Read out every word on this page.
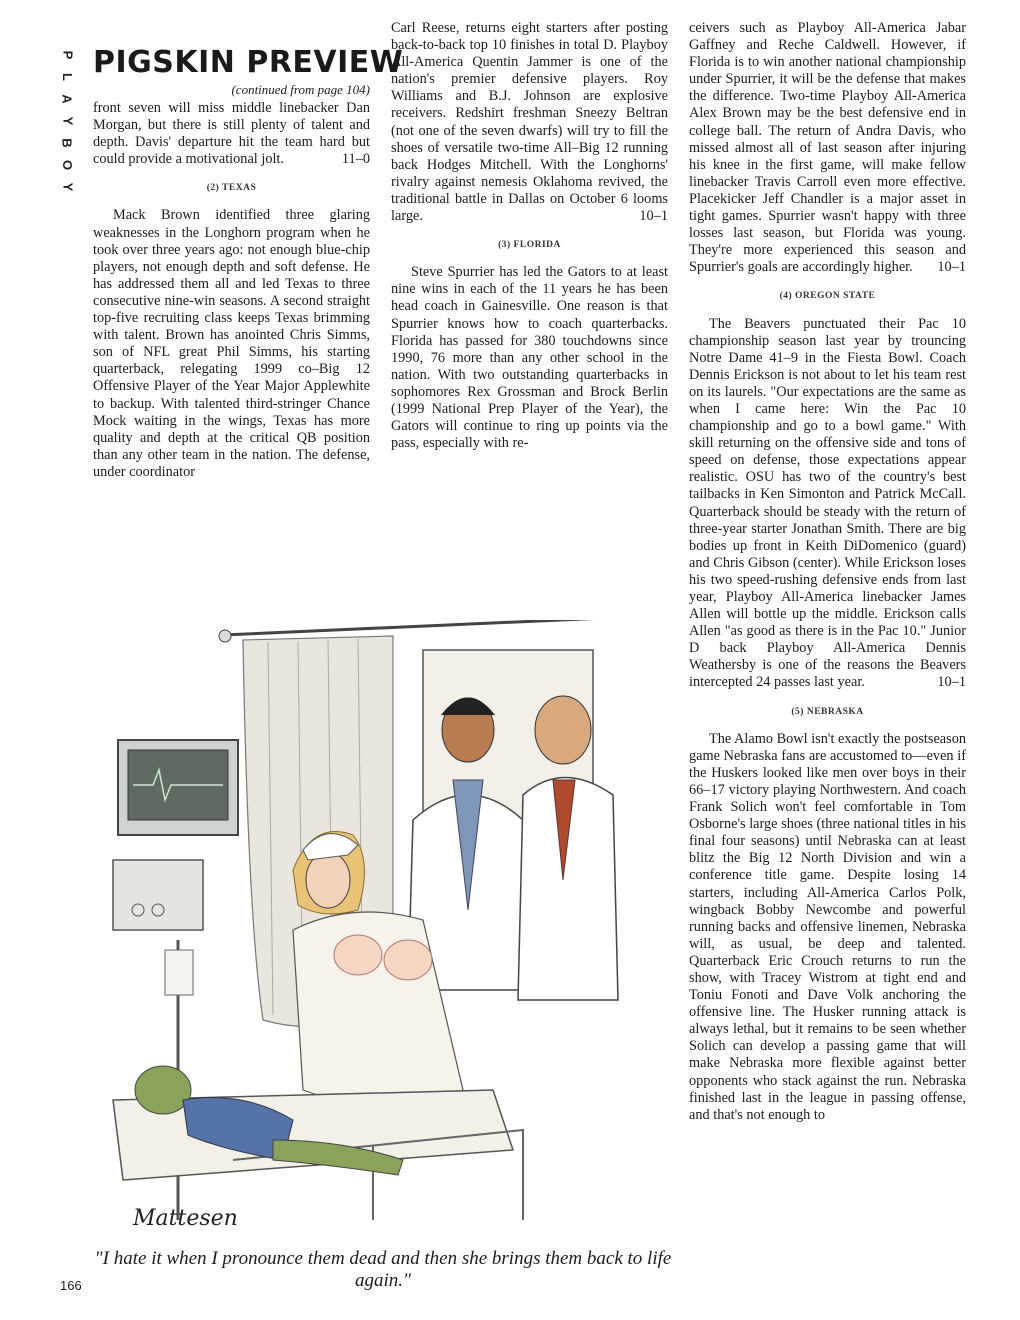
P
L
A
Y
B
O
Y
PIGSKIN PREVIEW
(continued from page 104)

front seven will miss middle linebacker Dan Morgan, but there is still plenty of talent and depth. Davis' departure hit the team hard but could provide a motivational jolt.	11–0

(2) TEXAS

Mack Brown identified three glaring weaknesses in the Longhorn program when he took over three years ago: not enough blue-chip players, not enough depth and soft defense. He has addressed them all and led Texas to three consecutive nine-win seasons. A second straight top-five recruiting class keeps Texas brimming with talent. Brown has anointed Chris Simms, son of NFL great Phil Simms, his starting quarterback, relegating 1999 co–Big 12 Offensive Player of the Year Major Applewhite to backup. With talented third-stringer Chance Mock waiting in the wings, Texas has more quality and depth at the critical QB position than any other team in the nation. The defense, under coordinator

Carl Reese, returns eight starters after posting back-to-back top 10 finishes in total D. Playboy All-America Quentin Jammer is one of the nation's premier defensive players. Roy Williams and B.J. Johnson are explosive receivers. Redshirt freshman Sneezy Beltran (not one of the seven dwarfs) will try to fill the shoes of versatile two-time All–Big 12 running back Hodges Mitchell. With the Longhorns' rivalry against nemesis Oklahoma revived, the traditional battle in Dallas on October 6 looms large.	10–1

(3) FLORIDA

Steve Spurrier has led the Gators to at least nine wins in each of the 11 years he has been head coach in Gainesville. One reason is that Spurrier knows how to coach quarterbacks. Florida has passed for 380 touchdowns since 1990, 76 more than any other school in the nation. With two outstanding quarterbacks in sophomores Rex Grossman and Brock Berlin (1999 National Prep Player of the Year), the Gators will continue to ring up points via the pass, especially with re-

ceivers such as Playboy All-America Jabar Gaffney and Reche Caldwell. However, if Florida is to win another national championship under Spurrier, it will be the defense that makes the difference. Two-time Playboy All-America Alex Brown may be the best defensive end in college ball. The return of Andra Davis, who missed almost all of last season after injuring his knee in the first game, will make fellow linebacker Travis Carroll even more effective. Placekicker Jeff Chandler is a major asset in tight games. Spurrier wasn't happy with three losses last season, but Florida was young. They're more experienced this season and Spurrier's goals are accordingly higher. 10–1

(4) OREGON STATE

The Beavers punctuated their Pac 10 championship season last year by trouncing Notre Dame 41–9 in the Fiesta Bowl. Coach Dennis Erickson is not about to let his team rest on its laurels. "Our expectations are the same as when I came here: Win the Pac 10 championship and go to a bowl game." With skill returning on the offensive side and tons of speed on defense, those expectations appear realistic. OSU has two of the country's best tailbacks in Ken Simonton and Patrick McCall. Quarterback should be steady with the return of three-year starter Jonathan Smith. There are big bodies up front in Keith DiDomenico (guard) and Chris Gibson (center). While Erickson loses his two speed-rushing defensive ends from last year, Playboy All-America linebacker James Allen will bottle up the middle. Erickson calls Allen "as good as there is in the Pac 10." Junior D back Playboy All-America Dennis Weathersby is one of the reasons the Beavers intercepted 24 passes last year.	10–1

(5) NEBRASKA

The Alamo Bowl isn't exactly the postseason game Nebraska fans are accustomed to—even if the Huskers looked like men over boys in their 66–17 victory playing Northwestern. And coach Frank Solich won't feel comfortable in Tom Osborne's large shoes (three national titles in his final four seasons) until Nebraska can at least blitz the Big 12 North Division and win a conference title game. Despite losing 14 starters, including All-America Carlos Polk, wingback Bobby Newcombe and powerful running backs and offensive linemen, Nebraska will, as usual, be deep and talented. Quarterback Eric Crouch returns to run the show, with Tracey Wistrom at tight end and Toniu Fonoti and Dave Volk anchoring the offensive line. The Husker running attack is always lethal, but it remains to be seen whether Solich can develop a passing game that will make Nebraska more flexible against better opponents who stack against the run. Nebraska finished last in the league in passing offense, and that's not enough to

Mattesen

"I hate it when I pronounce them dead and then she brings them back to life again."

166
